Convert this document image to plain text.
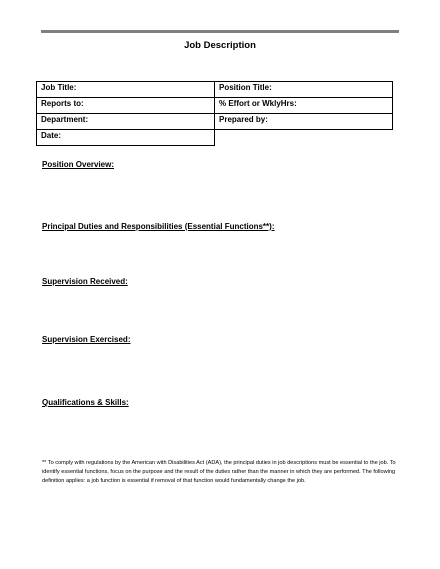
Job Description
Job Title:	Position Title:
Reports to:	% Effort or WklyHrs:
Department:	Prepared by:
Date:	
Position Overview:
Principal Duties and Responsibilities (Essential Functions**):
Supervision Received:
Supervision Exercised:
Qualifications & Skills:
** To comply with regulations by the American with Disabilities Act (ADA), the principal duties in job descriptions must be essential to the job. To identify essential functions, focus on the purpose and the result of the duties rather than the manner in which they are performed. The following definition applies: a job function is essential if removal of that function would fundamentally change the job.
